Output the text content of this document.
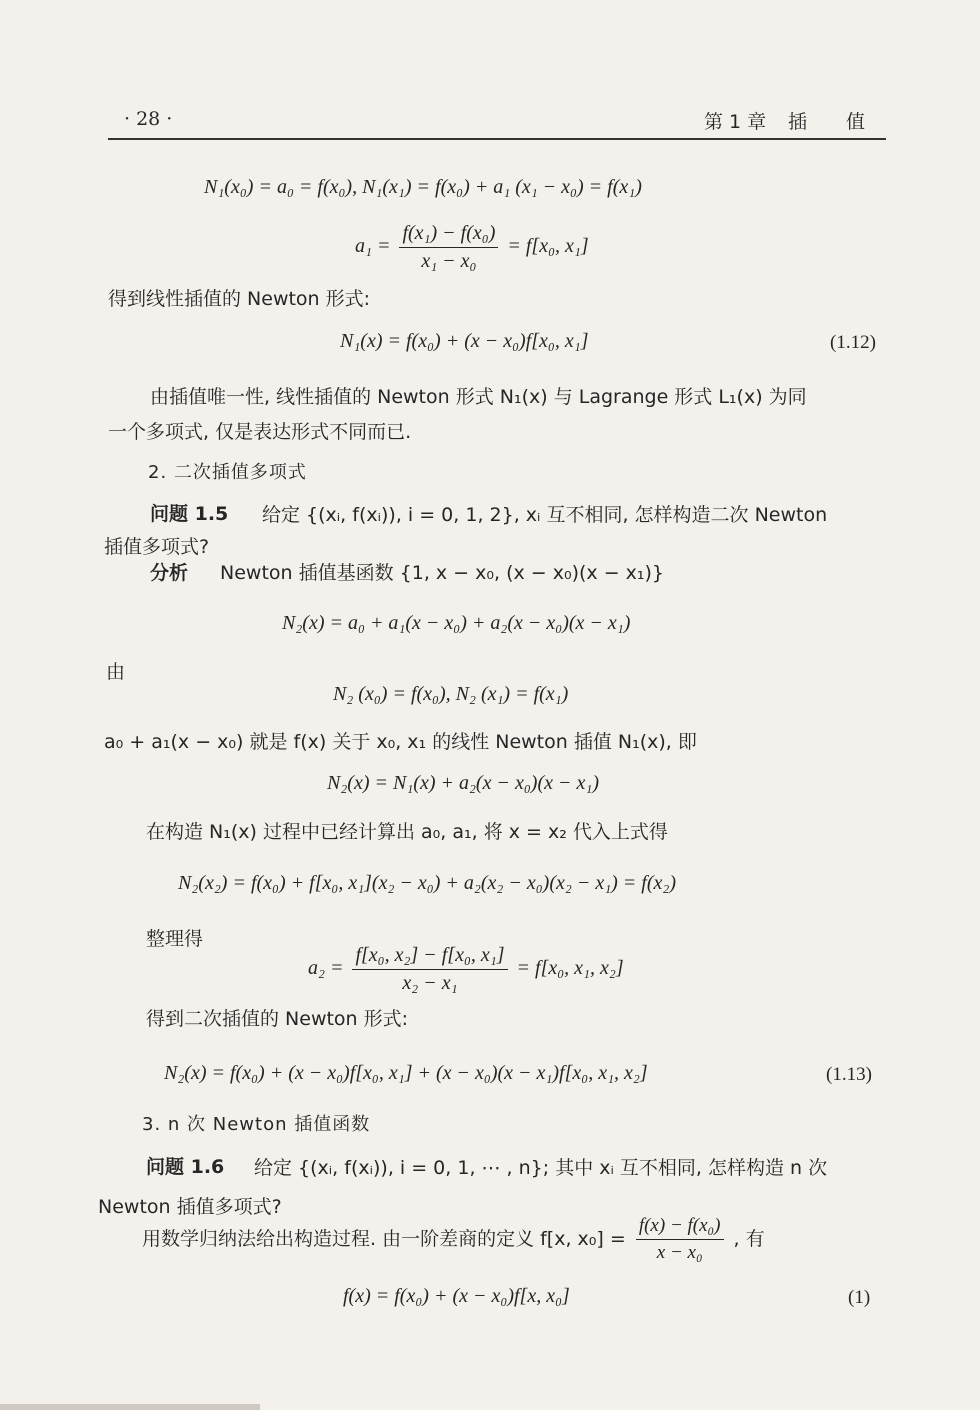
· 28 ·	第 1 章 插 值
N₁(x₀) = a₀ = f(x₀), N₁(x₁) = f(x₀) + a₁ (x₁ − x₀) = f(x₁)
$a_1 = \frac{\text{f(x₁) − f(x₀)}}{\text{x₁ − x₀}} = f[x_0$, x₁]
得到线性插值的 Newton 形式:
N₁(x) = f(x₀) + (x − x₀)f[x₀, x₁]	(1.12)
由插值唯一性, 线性插值的 Newton 形式 N₁(x) 与 Lagrange 形式 L₁(x) 为同
一个多项式, 仅是表达形式不同而已.
2. 二次插值多项式
问题 1.5 给定 {(xᵢ, f(xᵢ)), i = 0, 1, 2}, xᵢ 互不相同, 怎样构造二次 Newton
插值多项式?
分析 Newton 插值基函数 {1, x − x₀, (x − x₀)(x − x₁)}
N₂(x) = a₀ + a₁(x − x₀) + a₂(x − x₀)(x − x₁)
由
N₂ (x₀) = f(x₀), N₂ (x₁) = f(x₁)
a₀ + a₁(x − x₀) 就是 f(x) 关于 x₀, x₁ 的线性 Newton 插值 N₁(x), 即
N₂(x) = N₁(x) + a₂(x − x₀)(x − x₁)
在构造 N₁(x) 过程中已经计算出 a₀, a₁, 将 x = x₂ 代入上式得
N₂(x₂) = f(x₀) + f[x₀, x₁](x₂ − x₀) + a₂(x₂ − x₀)(x₂ − x₁) = f(x₂)
整理得
$a_2 = \frac{\text{f[x₀, x₂] − f[x₀, x₁]}}{\text{x₂ − x₁}} = f[x_0$, x₁, x₂]
得到二次插值的 Newton 形式:
N₂(x) = f(x₀) + (x − x₀)f[x₀, x₁] + (x − x₀)(x − x₁)f[x₀, x₁, x₂]	(1.13)
3. n 次 Newton 插值函数
问题 1.6 给定 {(xᵢ, f(xᵢ)), i = 0, 1, ⋯ , n}; 其中 xᵢ 互不相同, 怎样构造 n 次
Newton 插值多项式?
用数学归纳法给出构造过程. 由一阶差商的定义 f[x, $x_0] = \frac{\text{f(x) − f(x₀)}}{\text{x − x₀}}$ , 有
f(x) = f(x₀) + (x − x₀)f[x, x₀]	(1)
